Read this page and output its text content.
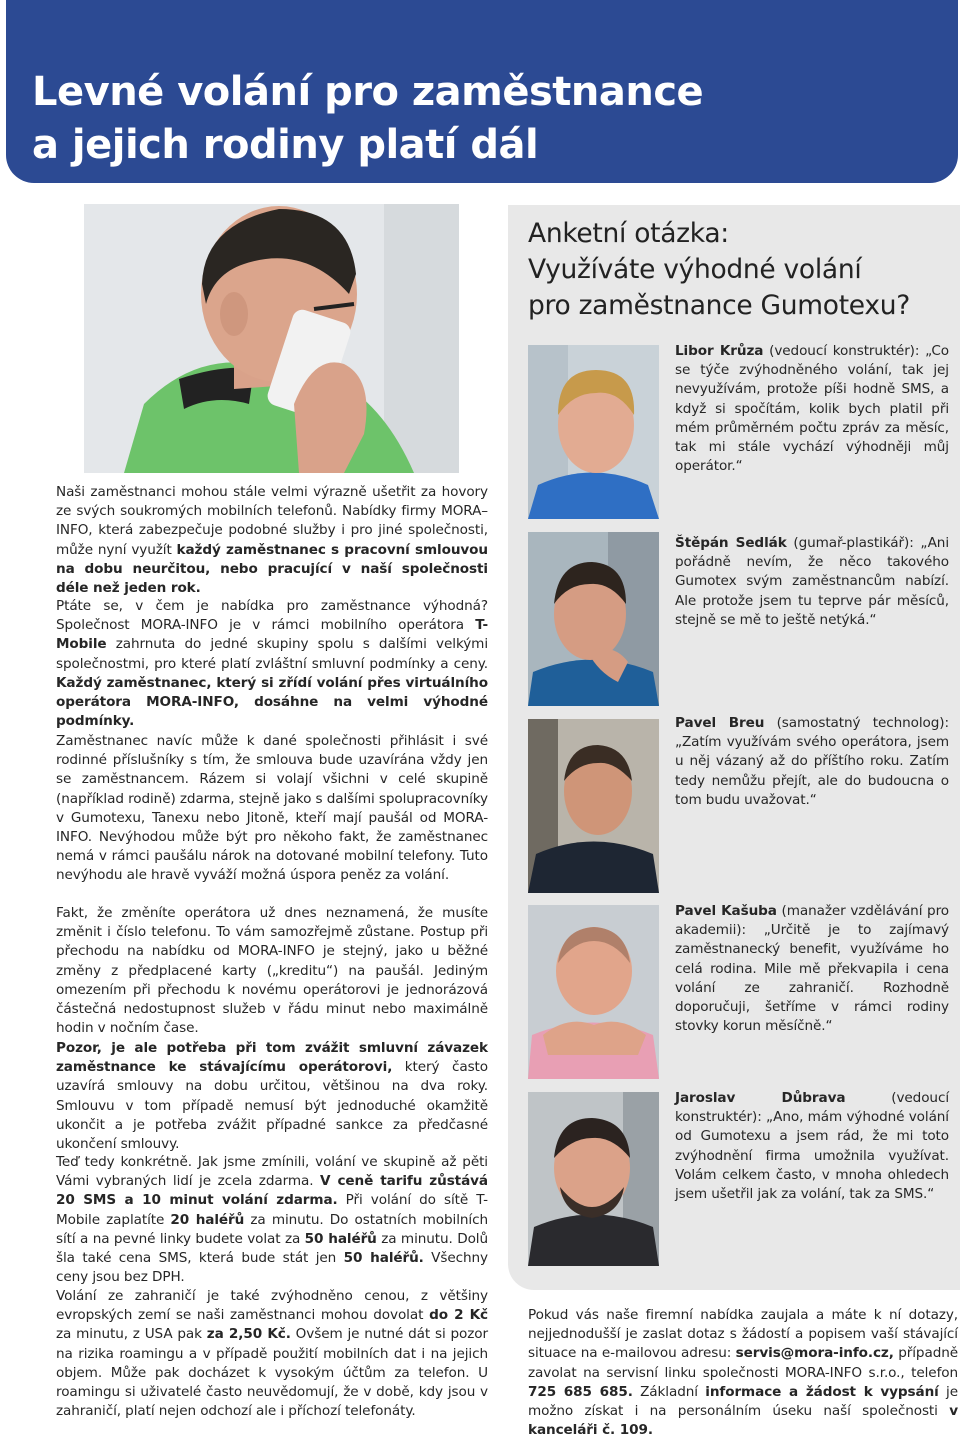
Levné volání pro zaměstnance
a jejich rodiny platí dál
Naši zaměstnanci mohou stále velmi výrazně ušetřit za hovory ze svých soukromých mobilních telefonů. Nabídky firmy MORA–INFO, která zabezpečuje podobné služby i pro jiné společnosti, může nyní využít každý zaměstnanec s pracovní smlouvou na dobu neurčitou, nebo pracující v naší společnosti déle než jeden rok.
Ptáte se, v čem je nabídka pro zaměstnance výhodná? Společnost MORA-INFO je v rámci mobilního operátora T-Mobile zahrnuta do jedné skupiny spolu s dalšími velkými společnostmi, pro které platí zvláštní smluvní podmínky a ceny. Každý zaměstnanec, který si zřídí volání přes virtuálního operátora MORA-INFO, dosáhne na velmi výhodné podmínky.
Zaměstnanec navíc může k dané společnosti přihlásit i své rodinné příslušníky s tím, že smlouva bude uzavírána vždy jen se zaměstnancem. Rázem si volají všichni v celé skupině (například rodině) zdarma, stejně jako s dalšími spolupracovníky v Gumotexu, Tanexu nebo Jitoně, kteří mají paušál od MORA-INFO. Nevýhodou může být pro někoho fakt, že zaměstnanec nemá v rámci paušálu nárok na dotované mobilní telefony. Tuto nevýhodu ale hravě vyváží možná úspora peněz za volání.
Fakt, že změníte operátora už dnes neznamená, že musíte změnit i číslo telefonu. To vám samozřejmě zůstane. Postup při přechodu na nabídku od MORA-INFO je stejný, jako u běžné změny z předplacené karty („kreditu“) na paušál. Jediným omezením při přechodu k novému operátorovi je jednorázová částečná nedostupnost služeb v řádu minut nebo maximálně hodin v nočním čase.
Pozor, je ale potřeba při tom zvážit smluvní závazek zaměstnance ke stávajícímu operátorovi, který často uzavírá smlouvy na dobu určitou, většinou na dva roky. Smlouvu v tom případě nemusí být jednoduché okamžitě ukončit a je potřeba zvážit případné sankce za předčasné ukončení smlouvy.
Teď tedy konkrétně. Jak jsme zmínili, volání ve skupině až pěti Vámi vybraných lidí je zcela zdarma. V ceně tarifu zůstává 20 SMS a 10 minut volání zdarma. Při volání do sítě T-Mobile zaplatíte 20 haléřů za minutu. Do ostatních mobilních sítí a na pevné linky budete volat za 50 haléřů za minutu. Dolů šla také cena SMS, která bude stát jen 50 haléřů. Všechny ceny jsou bez DPH.
Volání ze zahraničí je také zvýhodněno cenou, z většiny evropských zemí se naši zaměstnanci mohou dovolat do 2 Kč za minutu, z USA pak za 2,50 Kč. Ovšem je nutné dát si pozor na rizika roamingu a v případě použití mobilních dat i na jejich objem. Může pak docházet k vysokým účtům za telefon. U roamingu si uživatelé často neuvědomují, že v době, kdy jsou v zahraničí, platí nejen odchozí ale i příchozí telefonáty.
Anketní otázka:
Využíváte výhodné volání
pro zaměstnance Gumotexu?
Libor Krůza (vedoucí konstruktér): „Co se týče zvýhodněného volání, tak jej nevyužívám, protože píši hodně SMS, a když si spočítám, kolik bych platil při mém průměrném počtu zpráv za měsíc, tak mi stále vychází výhodněji můj operátor.“
Štěpán Sedlák (gumař-plastikář): „Ani pořádně nevím, že něco takového Gumotex svým zaměstnancům nabízí. Ale protože jsem tu teprve pár měsíců, stejně se mě to ještě netýká.“
Pavel Breu (samostatný technolog): „Zatím využívám svého operátora, jsem u něj vázaný až do příštího roku. Zatím tedy nemůžu přejít, ale do budoucna o tom budu uvažovat.“
Pavel Kašuba (manažer vzdělávání pro akademii): „Určitě je to zajímavý zaměstnanecký benefit, využíváme ho celá rodina. Mile mě překvapila i cena volání ze zahraničí. Rozhodně doporučuji, šetříme v rámci rodiny stovky korun měsíčně.“
Jaroslav Důbrava (vedoucí konstruktér): „Ano, mám výhodné volání od Gumotexu a jsem rád, že mi toto zvýhodnění firma umožnila využívat. Volám celkem často, v mnoha ohledech jsem ušetřil jak za volání, tak za SMS.“
Pokud vás naše firemní nabídka zaujala a máte k ní dotazy, nejjednodušší je zaslat dotaz s žádostí a popisem vaší stávající situace na e-mailovou adresu: servis@mora-info.cz, případně zavolat na servisní linku společnosti MORA-INFO s.r.o., telefon 725 685 685. Základní informace a žádost k vypsání je možno získat i na personálním úseku naší společnosti v kanceláři č. 109.
